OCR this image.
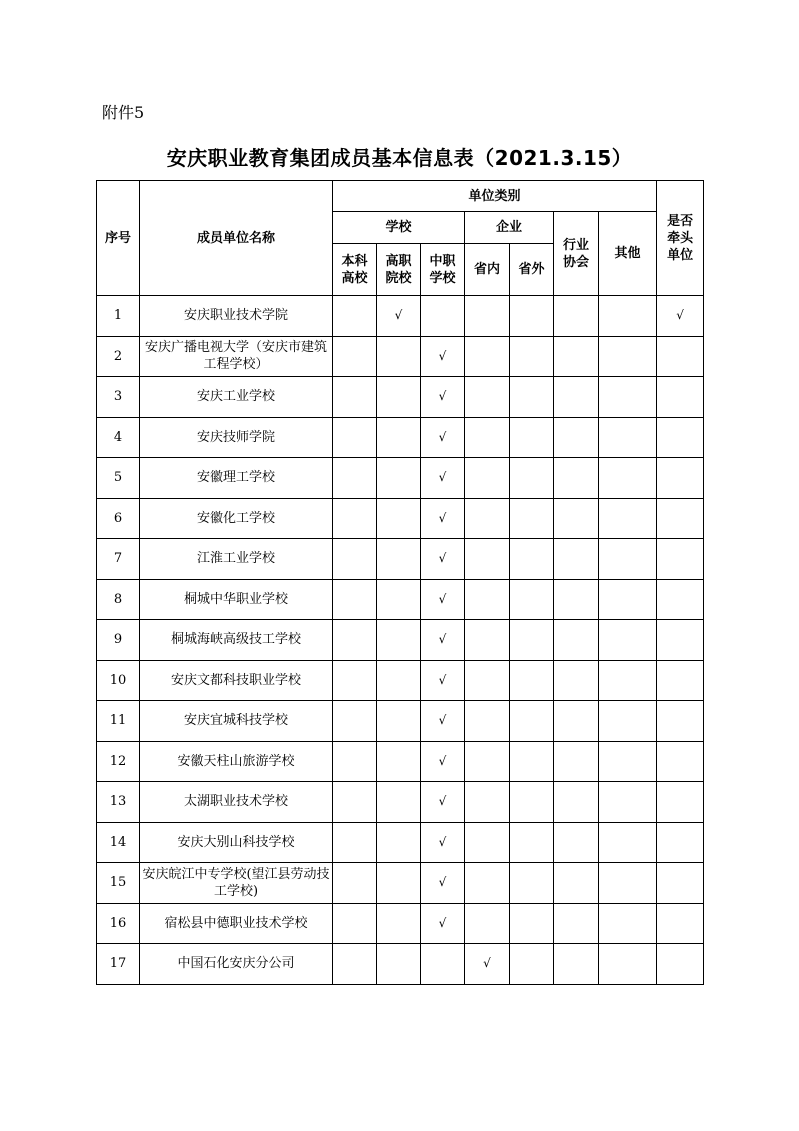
附件5
安庆职业教育集团成员基本信息表（2021.3.15）
序号	成员单位名称	单位类别							是否牵头单位
		学校			企业		行业协会	其他	
		本科高校	高职院校	中职学校	省内	省外			
1	安庆职业技术学院		√						√
2	安庆广播电视大学（安庆市建筑工程学校）			√					
3	安庆工业学校			√					
4	安庆技师学院			√					
5	安徽理工学校			√					
6	安徽化工学校			√					
7	江淮工业学校			√					
8	桐城中华职业学校			√					
9	桐城海峡高级技工学校			√					
10	安庆文都科技职业学校			√					
11	安庆宜城科技学校			√					
12	安徽天柱山旅游学校			√					
13	太湖职业技术学校			√					
14	安庆大别山科技学校			√					
15	安庆皖江中专学校(望江县劳动技工学校)			√					
16	宿松县中德职业技术学校			√					
17	中国石化安庆分公司				√				
